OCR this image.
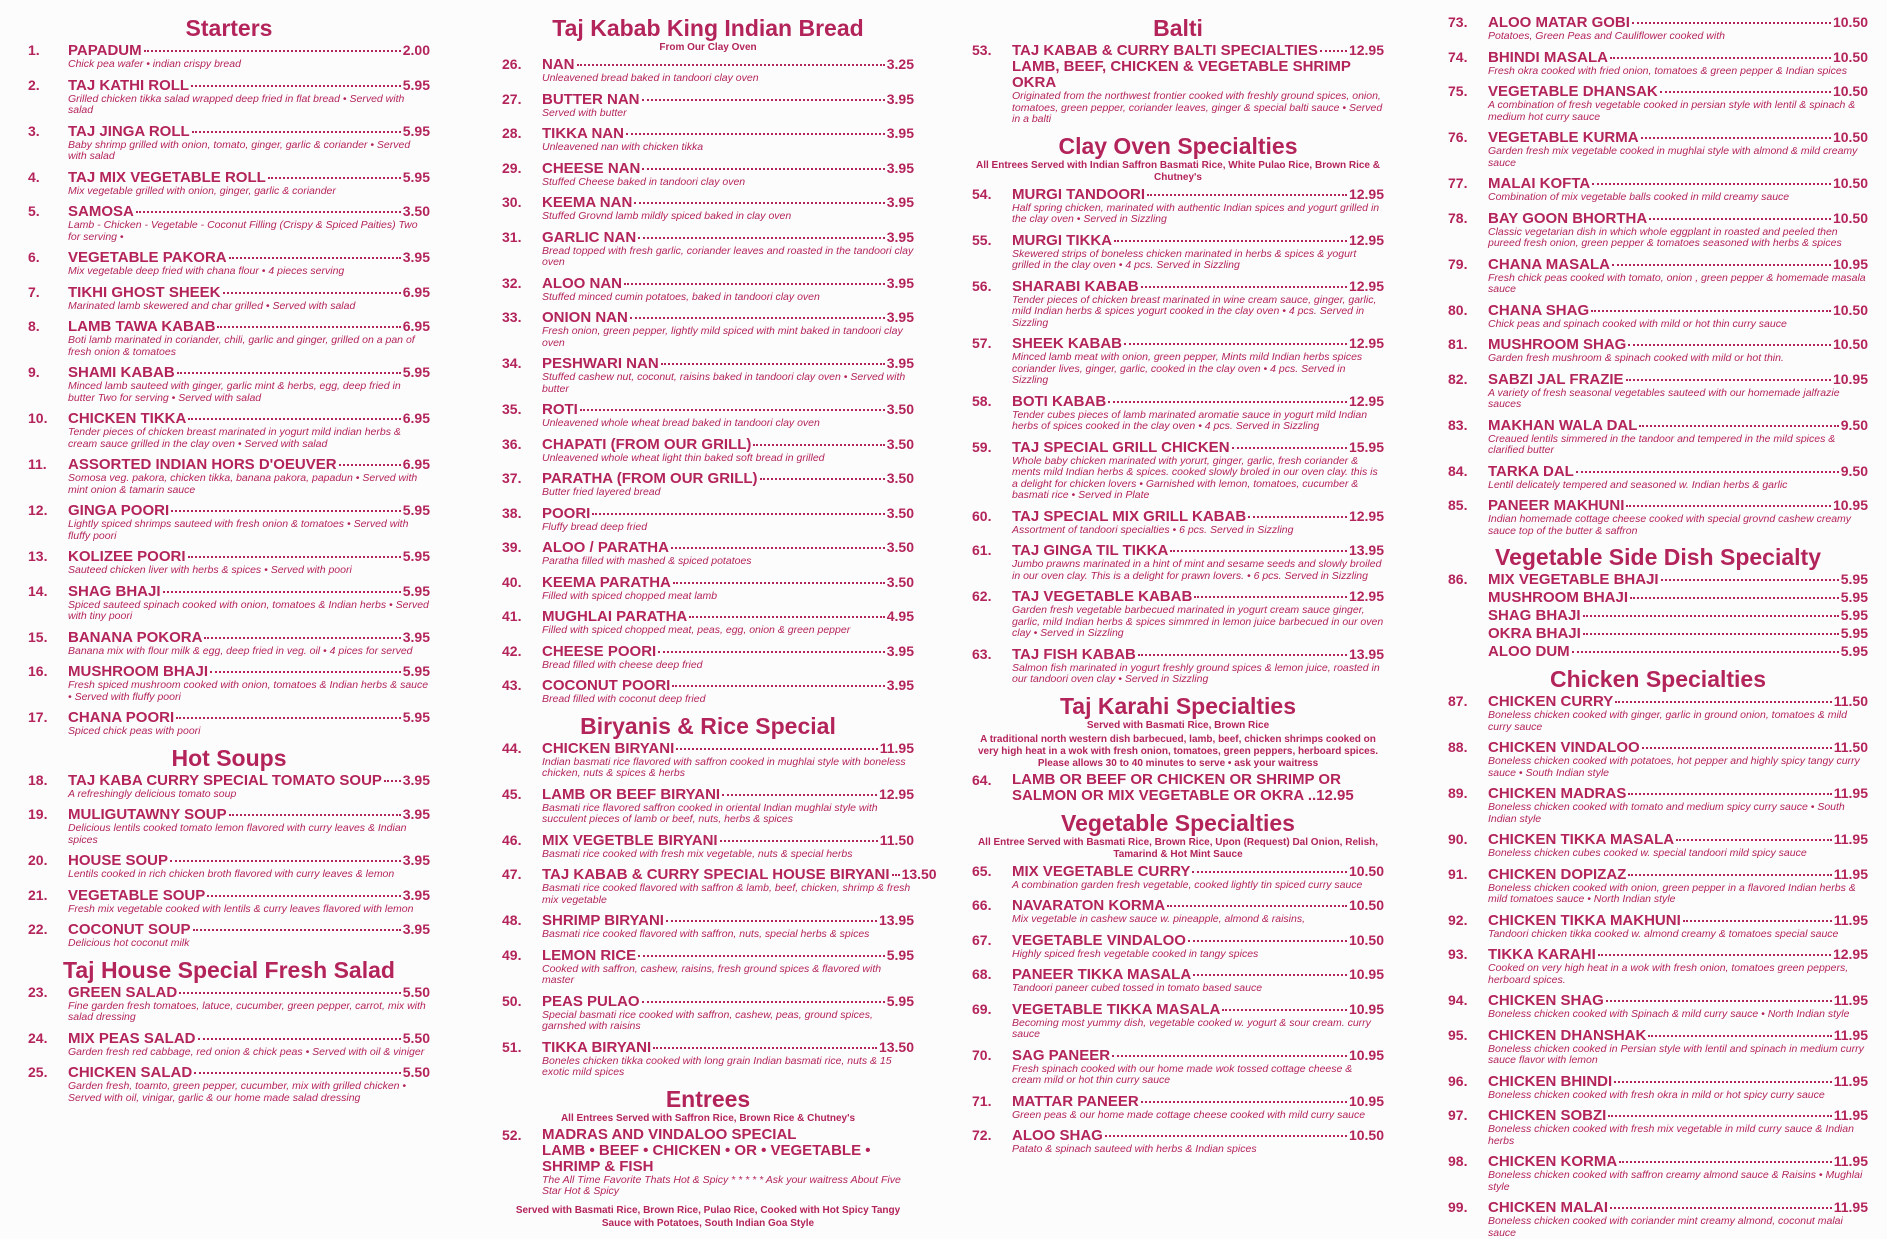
Starters
1. PAPADUM	2.00
Chick pea wafer • indian crispy bread
2. TAJ KATHI ROLL	5.95
Grilled chicken tikka salad wrapped deep fried in flat bread • Served with salad
3. TAJ JINGA ROLL	5.95
Baby shrimp grilled with onion, tomato, ginger, garlic & coriander • Served with salad
4. TAJ MIX VEGETABLE ROLL	5.95
Mix vegetable grilled with onion, ginger, garlic & coriander
5. SAMOSA	3.50
Lamb - Chicken - Vegetable - Coconut Filling (Crispy & Spiced Paities) Two for serving •
6. VEGETABLE PAKORA	3.95
Mix vegetable deep fried with chana flour • 4 pieces serving
7. TIKHI GHOST SHEEK	6.95
Marinated lamb skewered and char grilled • Served with salad
8. LAMB TAWA KABAB	6.95
Boti lamb marinated in coriander, chili, garlic and ginger, grilled on a pan of fresh onion & tomatoes
9. SHAMI KABAB	5.95
Minced lamb sauteed with ginger, garlic mint & herbs, egg, deep fried in butter Two for serving • Served with salad
10. CHICKEN TIKKA	6.95
Tender pieces of chicken breast marinated in yogurt mild indian herbs & cream sauce grilled in the clay oven • Served with salad
11. ASSORTED INDIAN HORS D'OEUVER	6.95
Somosa veg. pakora, chicken tikka, banana pakora, papadun • Served with mint onion & tamarin sauce
12. GINGA POORI	5.95
Lightly spiced shrimps sauteed with fresh onion & tomatoes • Served with fluffy poori
13. KOLIZEE POORI	5.95
Sauteed chicken liver with herbs & spices • Served with poori
14. SHAG BHAJI	5.95
Spiced sauteed spinach cooked with onion, tomatoes & Indian herbs • Served with tiny poori
15. BANANA POKORA	3.95
Banana mix with flour milk & egg, deep fried in veg. oil • 4 pices for served
16. MUSHROOM BHAJI	5.95
Fresh spiced mushroom cooked with onion, tomatoes & Indian herbs & sauce • Served with fluffy poori
17. CHANA POORI	5.95
Spiced chick peas with poori
Hot Soups
18. TAJ KABA CURRY SPECIAL TOMATO SOUP 3.95
A refreshingly delicious tomato soup
19. MULIGUTAWNY SOUP	3.95
Delicious lentils cooked tomato lemon flavored with curry leaves & Indian spices
20. HOUSE SOUP	3.95
Lentils cooked in rich chicken broth flavored with curry leaves & lemon
21. VEGETABLE SOUP	3.95
Fresh mix vegetable cooked with lentils & curry leaves flavored with lemon
22. COCONUT SOUP	3.95
Delicious hot coconut milk
Taj House Special Fresh Salad
23. GREEN SALAD	5.50
Fine garden fresh tomatoes, latuce, cucumber, green pepper, carrot, mix with salad dressing
24. MIX PEAS SALAD	5.50
Garden fresh red cabbage, red onion & chick peas • Served with oil & viniger
25. CHICKEN SALAD	5.50
Garden fresh, toamto, green pepper, cucumber, mix with grilled chicken • Served with oil, vinigar, garlic & our home made salad dressing
Taj Kabab King Indian Bread
From Our Clay Oven
26. NAN	3.25
Unleavened bread baked in tandoori clay oven
27. BUTTER NAN	3.95
Served with butter
28. TIKKA NAN	3.95
Unleavened nan with chicken tikka
29. CHEESE NAN	3.95
Stuffed Cheese baked in tandoori clay oven
30. KEEMA NAN	3.95
Stuffed Grovnd lamb mildly spiced baked in clay oven
31. GARLIC NAN	3.95
Bread topped with fresh garlic, coriander leaves and roasted in the tandoori clay oven
32. ALOO NAN	3.95
Stuffed minced cumin potatoes, baked in tandoori clay oven
33. ONION NAN	3.95
Fresh onion, green pepper, lightly mild spiced with mint baked in tandoori clay oven
34. PESHWARI NAN	3.95
Stuffed cashew nut, coconut, raisins baked in tandoori clay oven • Served with butter
35. ROTI	3.50
Unleavened whole wheat bread baked in tandoori clay oven
36. CHAPATI (FROM OUR GRILL)	3.50
Unleavened whole wheat light thin baked soft bread in grilled
37. PARATHA (FROM OUR GRILL)	3.50
Butter fried layered bread
38. POORI	3.50
Fluffy bread deep fried
39. ALOO / PARATHA	3.50
Paratha filled with mashed & spiced potatoes
40. KEEMA PARATHA	3.50
Filled with spiced chopped meat lamb
41. MUGHLAI PARATHA	4.95
Filled with spiced chopped meat, peas, egg, onion & green pepper
42. CHEESE POORI	3.95
Bread filled with cheese deep fried
43. COCONUT POORI	3.95
Bread filled with coconut deep fried
Biryanis & Rice Special
44. CHICKEN BIRYANI	11.95
Indian basmati rice flavored with saffron cooked in mughlai style with boneless chicken, nuts & spices & herbs
45. LAMB OR BEEF BIRYANI	12.95
Basmati rice flavored saffron cooked in oriental Indian mughlai style with succulent pieces of lamb or beef, nuts, herbs & spices
46. MIX VEGETBLE BIRYANI	11.50
Basmati rice cooked with fresh mix vegetable, nuts & special herbs
47. TAJ KABAB & CURRY SPECIAL HOUSE BIRYANI 13.50
Basmati rice cooked flavored with saffron & lamb, beef, chicken, shrimp & fresh mix vegetable
48. SHRIMP BIRYANI	13.95
Basmati rice cooked flavored with saffron, nuts, special herbs & spices
49. LEMON RICE	5.95
Cooked with saffron, cashew, raisins, fresh ground spices & flavored with master
50. PEAS PULAO	5.95
Special basmati rice cooked with saffron, cashew, peas, ground spices, garnshed with raisins
51. TIKKA BIRYANI	13.50
Boneles chicken tikka cooked with long grain Indian basmati rice, nuts & 15 exotic mild spices
Entrees
All Entrees Served with Saffron Rice, Brown Rice & Chutney's
52. MADRAS AND VINDALOO SPECIAL
LAMB • BEEF • CHICKEN • OR • VEGETABLE • SHRIMP & FISH
The All Time Favorite Thats Hot & Spicy * * * * * Ask your waitress About Five Star Hot & Spicy
Served with Basmati Rice, Brown Rice, Pulao Rice, Cooked with Hot Spicy Tangy Sauce with Potatoes, South Indian Goa Style
Balti
53. TAJ KABAB & CURRY BALTI SPECIALTIES 12.95
LAMB, BEEF, CHICKEN & VEGETABLE SHRIMP OKRA
Originated from the northwest frontier cooked with freshly ground spices, onion, tomatoes, green pepper, coriander leaves, ginger & special balti sauce • Served in a balti
Clay Oven Specialties
All Entrees Served with Indian Saffron Basmati Rice, White Pulao Rice, Brown Rice & Chutney's
54. MURGI TANDOORI	12.95
Half spring chicken, marinated with authentic Indian spices and yogurt grilled in the clay oven • Served in Sizzling
55. MURGI TIKKA	12.95
Skewered strips of boneless chicken marinated in herbs & spices & yogurt grilled in the clay oven • 4 pcs. Served in Sizzling
56. SHARABI KABAB	12.95
Tender pieces of chicken breast marinated in wine cream sauce, ginger, garlic, mild Indian herbs & spices yogurt cooked in the clay oven • 4 pcs. Served in Sizzling
57. SHEEK KABAB	12.95
Minced lamb meat with onion, green pepper, Mints mild Indian herbs spices coriander lives, ginger, garlic, cooked in the clay oven • 4 pcs. Served in Sizzling
58. BOTI KABAB	12.95
Tender cubes pieces of lamb marinated aromatie sauce in yogurt mild Indian herbs of spices cooked in the clay oven • 4 pcs. Served in Sizzling
59. TAJ SPECIAL GRILL CHICKEN	15.95
Whole baby chicken marinated with yorurt, ginger, garlic, fresh coriander & ments mild Indian herbs & spices. cooked slowly broled in our oven clay. this is a delight for chicken lovers • Garnished with lemon, tomatoes, cucumber & basmati rice • Served in Plate
60. TAJ SPECIAL MIX GRILL KABAB	12.95
Assortment of tandoori specialties • 6 pcs. Served in Sizzling
61. TAJ GINGA TIL TIKKA	13.95
Jumbo prawns marinated in a hint of mint and sesame seeds and slowly broiled in our oven clay. This is a delight for prawn lovers. • 6 pcs. Served in Sizzling
62. TAJ VEGETABLE KABAB	12.95
Garden fresh vegetable barbecued marinated in yogurt cream sauce ginger, garlic, mild Indian herbs & spices simmred in lemon juice barbecued in our oven clay • Served in Sizzling
63. TAJ FISH KABAB	13.95
Salmon fish marinated in yogurt freshly ground spices & lemon juice, roasted in our tandoori oven clay • Served in Sizzling
Taj Karahi Specialties
Served with Basmati Rice, Brown Rice
A traditional north western dish barbecued, lamb, beef, chicken shrimps cooked on very high heat in a wok with fresh onion, tomatoes, green peppers, herboard spices. Please allows 30 to 40 minutes to serve • ask your waitress
64. LAMB OR BEEF OR CHICKEN OR SHRIMP OR
SALMON OR MIX VEGETABLE OR OKRA ..12.95
Vegetable Specialties
All Entree Served with Basmati Rice, Brown Rice, Upon (Request) Dal Onion, Relish, Tamarind & Hot Mint Sauce
65. MIX VEGETABLE CURRY	10.50
A combination garden fresh vegetable, cooked lightly tin spiced curry sauce
66. NAVARATON KORMA	10.50
Mix vegetable in cashew sauce w. pineapple, almond & raisins,
67. VEGETABLE VINDALOO	10.50
Highly spiced fresh vegetable cooked in tangy spices
68. PANEER TIKKA MASALA	10.95
Tandoori paneer cubed tossed in tomato based sauce
69. VEGETABLE TIKKA MASALA	10.95
Becoming most yummy dish, vegetable cooked w. yogurt & sour cream. curry sauce
70. SAG PANEER	10.95
Fresh spinach cooked with our home made wok tossed cottage cheese & cream mild or hot thin curry sauce
71. MATTAR PANEER	10.95
Green peas & our home made cottage cheese cooked with mild curry sauce
72. ALOO SHAG	10.50
Patato & spinach sauteed with herbs & Indian spices
73. ALOO MATAR GOBI	10.50
Potatoes, Green Peas and Cauliflower cooked with
74. BHINDI MASALA	10.50
Fresh okra cooked with fried onion, tomatoes & green pepper & Indian spices
75. VEGETABLE DHANSAK	10.50
A combination of fresh vegetable cooked in persian style with lentil & spinach & medium hot curry sauce
76. VEGETABLE KURMA	10.50
Garden fresh mix vegetable cooked in mughlai style with almond & mild creamy sauce
77. MALAI KOFTA	10.50
Combination of mix vegetable balls cooked in mild creamy sauce
78. BAY GOON BHORTHA	10.50
Classic vegetarian dish in which whole eggplant in roasted and peeled then pureed fresh onion, green pepper & tomatoes seasoned with herbs & spices
79. CHANA MASALA	10.95
Fresh chick peas cooked with tomato, onion , green pepper & homemade masala sauce
80. CHANA SHAG	10.50
Chick peas and spinach cooked with mild or hot thin curry sauce
81. MUSHROOM SHAG	10.50
Garden fresh mushroom & spinach cooked with mild or hot thin.
82. SABZI JAL FRAZIE	10.95
A variety of fresh seasonal vegetables sauteed with our homemade jalfrazie sauces
83. MAKHAN WALA DAL	9.50
Creaued lentils simmered in the tandoor and tempered in the mild spices & clarified butter
84. TARKA DAL	9.50
Lentil delicately tempered and seasoned w. Indian herbs & garlic
85. PANEER MAKHUNI	10.95
Indian homemade cottage cheese cooked with special grovnd cashew creamy sauce top of the butter & saffron
Vegetable Side Dish Specialty
86. MIX VEGETABLE BHAJI	5.95
MUSHROOM BHAJI	5.95
SHAG BHAJI	5.95
OKRA BHAJI	5.95
ALOO DUM	5.95
Chicken Specialties
87. CHICKEN CURRY	11.50
Boneless chicken cooked with ginger, garlic in ground onion, tomatoes & mild curry sauce
88. CHICKEN VINDALOO	11.50
Boneless chicken cooked with potatoes, hot pepper and highly spicy tangy curry sauce • South Indian style
89. CHICKEN MADRAS	11.95
Boneless chicken cooked with tomato and medium spicy curry sauce • South Indian style
90. CHICKEN TIKKA MASALA	11.95
Boneless chicken cubes cooked w. special tandoori mild spicy sauce
91. CHICKEN DOPIZAZ	11.95
Boneless chicken cooked with onion, green pepper in a flavored Indian herbs & mild tomatoes sauce • North Indian style
92. CHICKEN TIKKA MAKHUNI	11.95
Tandoori chicken tikka cooked w. almond creamy & tomatoes special sauce
93. TIKKA KARAHI	12.95
Cooked on very high heat in a wok with fresh onion, tomatoes green peppers, herboard spices.
94. CHICKEN SHAG	11.95
Boneless chicken cooked with Spinach & mild curry sauce • North Indian style
95. CHICKEN DHANSHAK	11.95
Boneless chicken cooked in Persian style with lentil and spinach in medium curry sauce flavor with lemon
96. CHICKEN BHINDI	11.95
Boneless chicken cooked with fresh okra in mild or hot spicy curry sauce
97. CHICKEN SOBZI	11.95
Boneless chicken cooked with fresh mix vegetable in mild curry sauce & Indian herbs
98. CHICKEN KORMA	11.95
Boneless chicken cooked with saffron creamy almond sauce & Raisins • Mughlai style
99. CHICKEN MALAI	11.95
Boneless chicken cooked with coriander mint creamy almond, coconut malai sauce
